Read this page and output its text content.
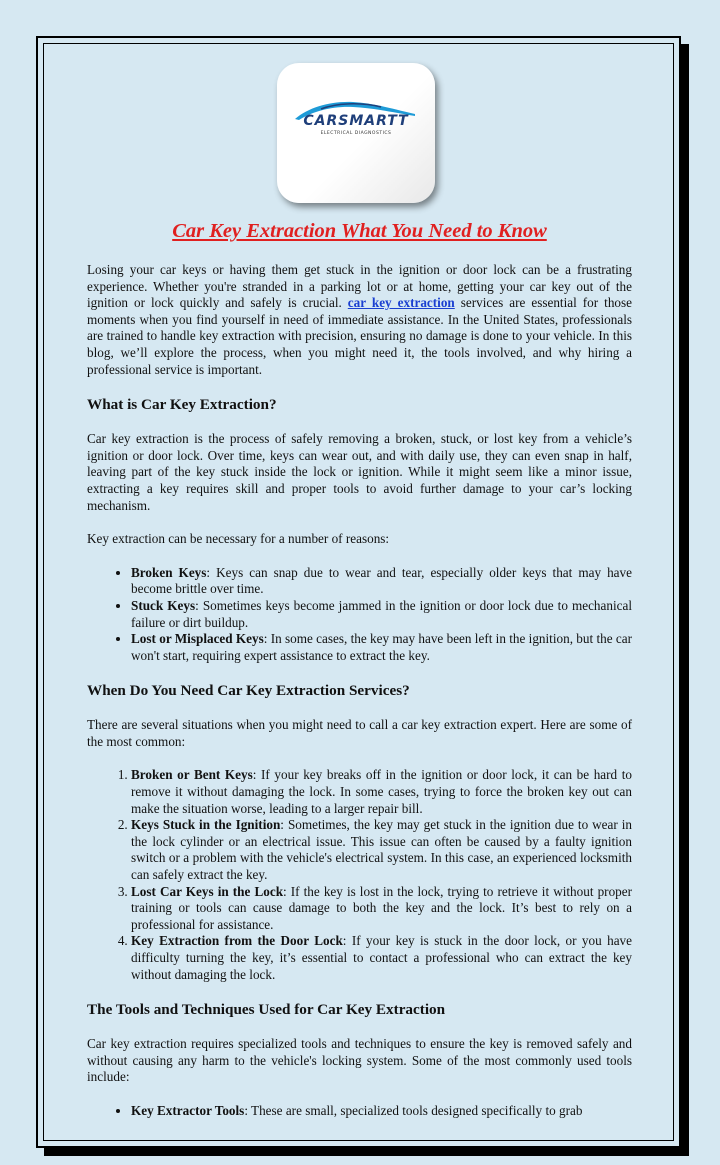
CARSMARTT
ELECTRICAL DIAGNOSTICS
Car Key Extraction What You Need to Know

Losing your car keys or having them get stuck in the ignition or door lock can be a frustrating experience. Whether you're stranded in a parking lot or at home, getting your car key out of the ignition or lock quickly and safely is crucial. car key extraction services are essential for those moments when you find yourself in need of immediate assistance. In the United States, professionals are trained to handle key extraction with precision, ensuring no damage is done to your vehicle. In this blog, we’ll explore the process, when you might need it, the tools involved, and why hiring a professional service is important.

What is Car Key Extraction?

Car key extraction is the process of safely removing a broken, stuck, or lost key from a vehicle’s ignition or door lock. Over time, keys can wear out, and with daily use, they can even snap in half, leaving part of the key stuck inside the lock or ignition. While it might seem like a minor issue, extracting a key requires skill and proper tools to avoid further damage to your car’s locking mechanism.

Key extraction can be necessary for a number of reasons:

• Broken Keys: Keys can snap due to wear and tear, especially older keys that may have become brittle over time.
• Stuck Keys: Sometimes keys become jammed in the ignition or door lock due to mechanical failure or dirt buildup.
• Lost or Misplaced Keys: In some cases, the key may have been left in the ignition, but the car won't start, requiring expert assistance to extract the key.
When Do You Need Car Key Extraction Services?

There are several situations when you might need to call a car key extraction expert. Here are some of the most common:

1. Broken or Bent Keys: If your key breaks off in the ignition or door lock, it can be hard to remove it without damaging the lock. In some cases, trying to force the broken key out can make the situation worse, leading to a larger repair bill.
2. Keys Stuck in the Ignition: Sometimes, the key may get stuck in the ignition due to wear in the lock cylinder or an electrical issue. This issue can often be caused by a faulty ignition switch or a problem with the vehicle's electrical system. In this case, an experienced locksmith can safely extract the key.
3. Lost Car Keys in the Lock: If the key is lost in the lock, trying to retrieve it without proper training or tools can cause damage to both the key and the lock. It’s best to rely on a professional for assistance.
4. Key Extraction from the Door Lock: If your key is stuck in the door lock, or you have difficulty turning the key, it’s essential to contact a professional who can extract the key without damaging the lock.
The Tools and Techniques Used for Car Key Extraction

Car key extraction requires specialized tools and techniques to ensure the key is removed safely and without causing any harm to the vehicle's locking system. Some of the most commonly used tools include:

• Key Extractor Tools: These are small, specialized tools designed specifically to grab
